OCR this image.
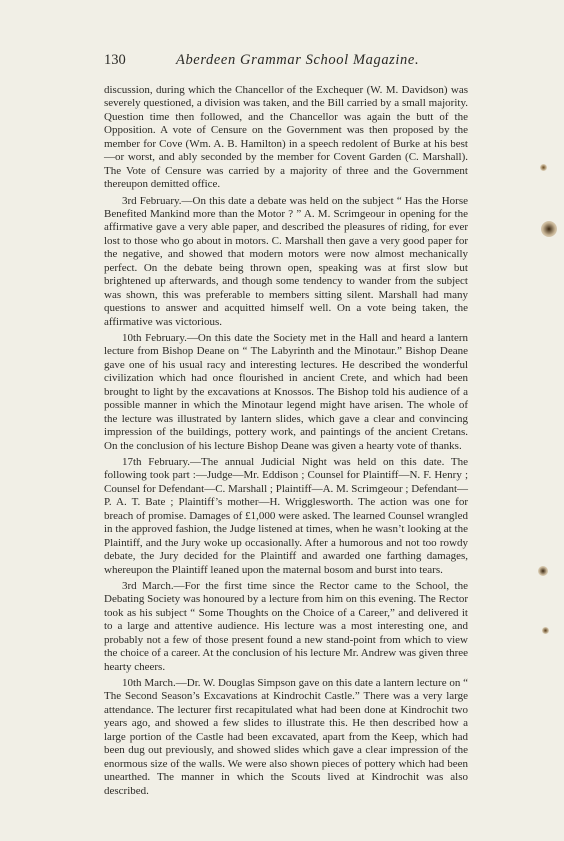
130	Aberdeen Grammar School Magazine.

discussion, during which the Chancellor of the Exchequer (W. M. Davidson) was severely questioned, a division was taken, and the Bill carried by a small majority. Question time then followed, and the Chancellor was again the butt of the Opposition. A vote of Censure on the Government was then proposed by the member for Cove (Wm. A. B. Hamilton) in a speech redolent of Burke at his best—or worst, and ably seconded by the member for Covent Garden (C. Marshall). The Vote of Censure was carried by a majority of three and the Government thereupon demitted office.

3rd February.—On this date a debate was held on the subject “ Has the Horse Benefited Mankind more than the Motor ? ” A. M. Scrimgeour in opening for the affirmative gave a very able paper, and described the pleasures of riding, for ever lost to those who go about in motors. C. Marshall then gave a very good paper for the negative, and showed that modern motors were now almost mechanically perfect. On the debate being thrown open, speaking was at first slow but brightened up afterwards, and though some tendency to wander from the subject was shown, this was preferable to members sitting silent. Marshall had many questions to answer and acquitted himself well. On a vote being taken, the affirmative was victorious.

10th February.—On this date the Society met in the Hall and heard a lantern lecture from Bishop Deane on “ The Labyrinth and the Minotaur.” Bishop Deane gave one of his usual racy and interesting lectures. He described the wonderful civilization which had once flourished in ancient Crete, and which had been brought to light by the excavations at Knossos. The Bishop told his audience of a possible manner in which the Minotaur legend might have arisen. The whole of the lecture was illustrated by lantern slides, which gave a clear and convincing impression of the buildings, pottery work, and paintings of the ancient Cretans. On the conclusion of his lecture Bishop Deane was given a hearty vote of thanks.

17th February.—The annual Judicial Night was held on this date. The following took part :—Judge—Mr. Eddison ; Counsel for Plaintiff—N. F. Henry ; Counsel for Defendant—C. Marshall ; Plaintiff—A. M. Scrimgeour ; Defendant—P. A. T. Bate ; Plaintiff’s mother—H. Wrigglesworth. The action was one for breach of promise. Damages of £1,000 were asked. The learned Counsel wrangled in the approved fashion, the Judge listened at times, when he wasn’t looking at the Plaintiff, and the Jury woke up occasionally. After a humorous and not too rowdy debate, the Jury decided for the Plaintiff and awarded one farthing damages, whereupon the Plaintiff leaned upon the maternal bosom and burst into tears.

3rd March.—For the first time since the Rector came to the School, the Debating Society was honoured by a lecture from him on this evening. The Rector took as his subject “ Some Thoughts on the Choice of a Career,” and delivered it to a large and attentive audience. His lecture was a most interesting one, and probably not a few of those present found a new stand-point from which to view the choice of a career. At the conclusion of his lecture Mr. Andrew was given three hearty cheers.

10th March.—Dr. W. Douglas Simpson gave on this date a lantern lecture on “ The Second Season’s Excavations at Kindrochit Castle.” There was a very large attendance. The lecturer first recapitulated what had been done at Kindrochit two years ago, and showed a few slides to illustrate this. He then described how a large portion of the Castle had been excavated, apart from the Keep, which had been dug out previously, and showed slides which gave a clear impression of the enormous size of the walls. We were also shown pieces of pottery which had been unearthed. The manner in which the Scouts lived at Kindrochit was also described.
